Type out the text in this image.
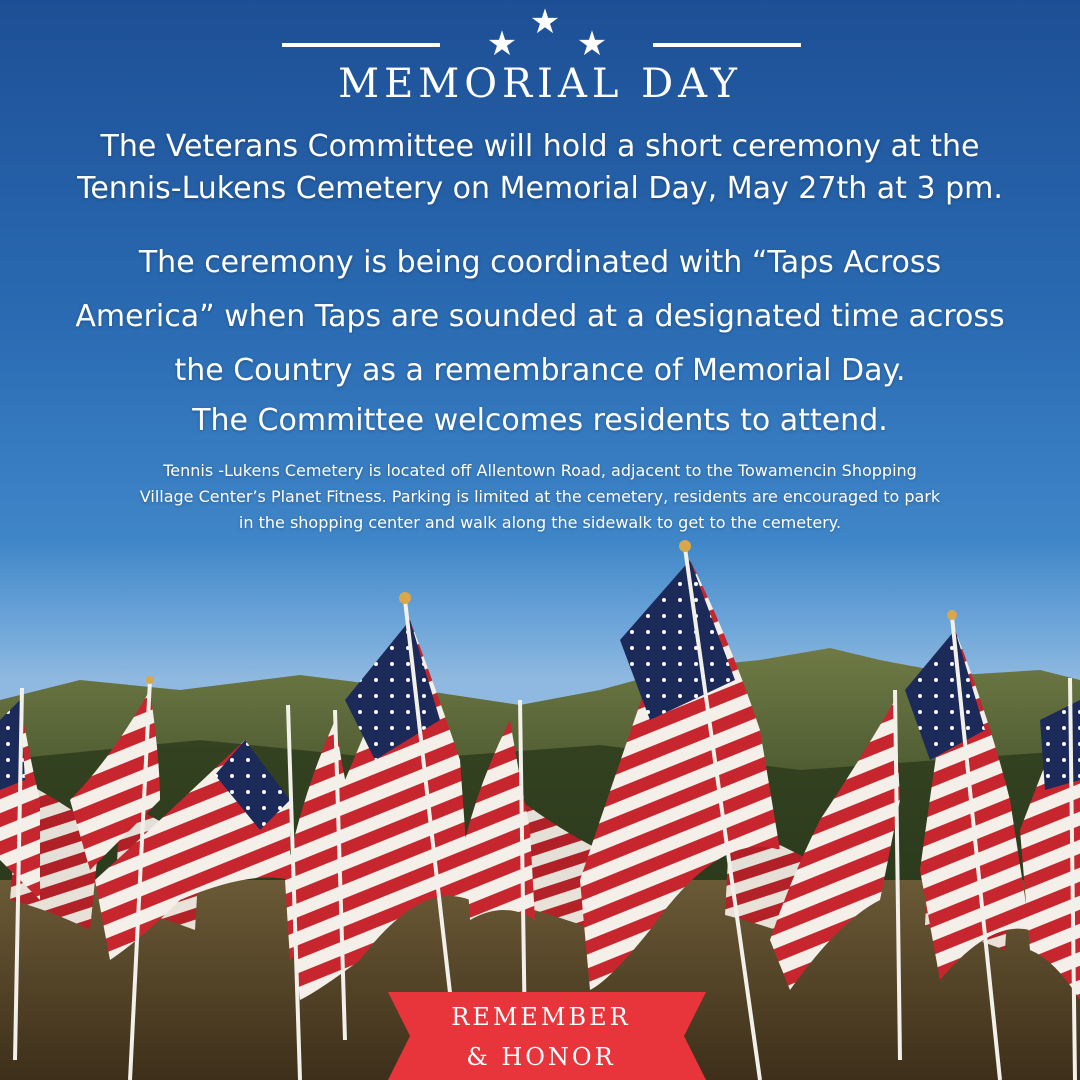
★
★
★
MEMORIAL DAY
The Veterans Committee will hold a short ceremony at the
Tennis-Lukens Cemetery on Memorial Day, May 27th at 3 pm.
The ceremony is being coordinated with “Taps Across
America” when Taps are sounded at a designated time across
the Country as a remembrance of Memorial Day.
The Committee welcomes residents to attend.
Tennis -Lukens Cemetery is located off Allentown Road, adjacent to the Towamencin Shopping
Village Center’s Planet Fitness. Parking is limited at the cemetery, residents are encouraged to park
in the shopping center and walk along the sidewalk to get to the cemetery.
REMEMBER
& HONOR
